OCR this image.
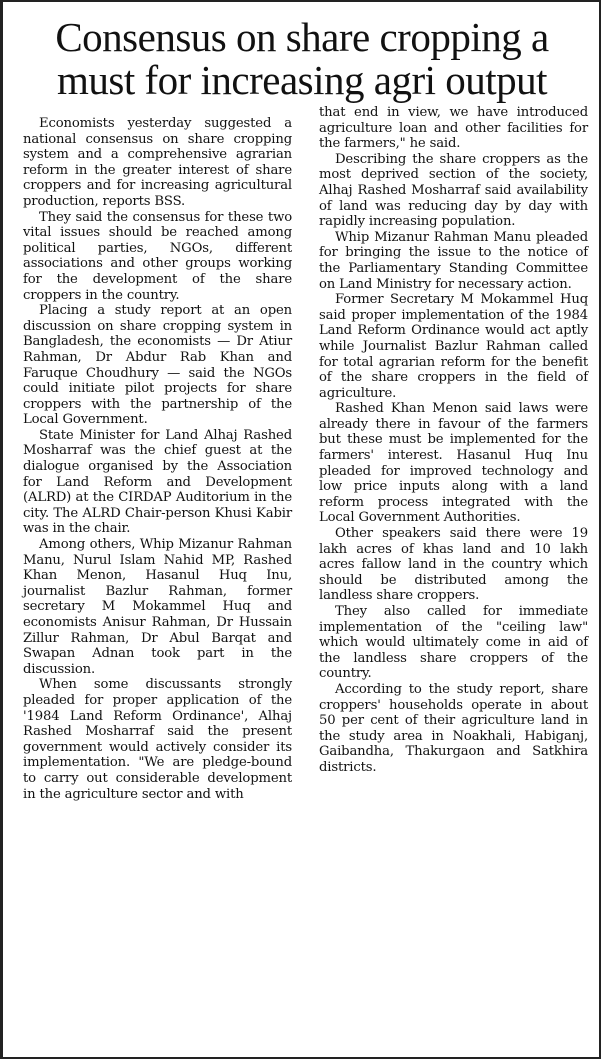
Consensus on share cropping a must for increasing agri output

Economists yesterday suggested a national consensus on share cropping system and a comprehensive agrarian reform in the greater interest of share croppers and for increasing agricultural production, reports BSS.

They said the consensus for these two vital issues should be reached among political parties, NGOs, different associations and other groups working for the development of the share croppers in the country.

Placing a study report at an open discussion on share cropping system in Bangladesh, the economists — Dr Atiur Rahman, Dr Abdur Rab Khan and Faruque Choudhury — said the NGOs could initiate pilot projects for share croppers with the partnership of the Local Government.

State Minister for Land Alhaj Rashed Mosharraf was the chief guest at the dialogue organised by the Association for Land Reform and Development (ALRD) at the CIRDAP Auditorium in the city. The ALRD Chair-person Khusi Kabir was in the chair.

Among others, Whip Mizanur Rahman Manu, Nurul Islam Nahid MP, Rashed Khan Menon, Hasanul Huq Inu, journalist Bazlur Rahman, former secretary M Mokammel Huq and economists Anisur Rahman, Dr Hussain Zillur Rahman, Dr Abul Barqat and Swapan Adnan took part in the discussion.

When some discussants strongly pleaded for proper application of the '1984 Land Reform Ordinance', Alhaj Rashed Mosharraf said the present government would actively consider its implementation. "We are pledge-bound to carry out considerable development in the agriculture sector and with

that end in view, we have introduced agriculture loan and other facilities for the farmers," he said.

Describing the share croppers as the most deprived section of the society, Alhaj Rashed Mosharraf said availability of land was reducing day by day with rapidly increasing population.

Whip Mizanur Rahman Manu pleaded for bringing the issue to the notice of the Parliamentary Standing Committee on Land Ministry for necessary action.

Former Secretary M Mokammel Huq said proper implementation of the 1984 Land Reform Ordinance would act aptly while Journalist Bazlur Rahman called for total agrarian reform for the benefit of the share croppers in the field of agriculture.

Rashed Khan Menon said laws were already there in favour of the farmers but these must be implemented for the farmers' interest. Hasanul Huq Inu pleaded for improved technology and low price inputs along with a land reform process integrated with the Local Government Authorities.

Other speakers said there were 19 lakh acres of khas land and 10 lakh acres fallow land in the country which should be distributed among the landless share croppers.

They also called for immediate implementation of the "ceiling law" which would ultimately come in aid of the landless share croppers of the country.

According to the study report, share croppers' households operate in about 50 per cent of their agriculture land in the study area in Noakhali, Habiganj, Gaibandha, Thakurgaon and Satkhira districts.
